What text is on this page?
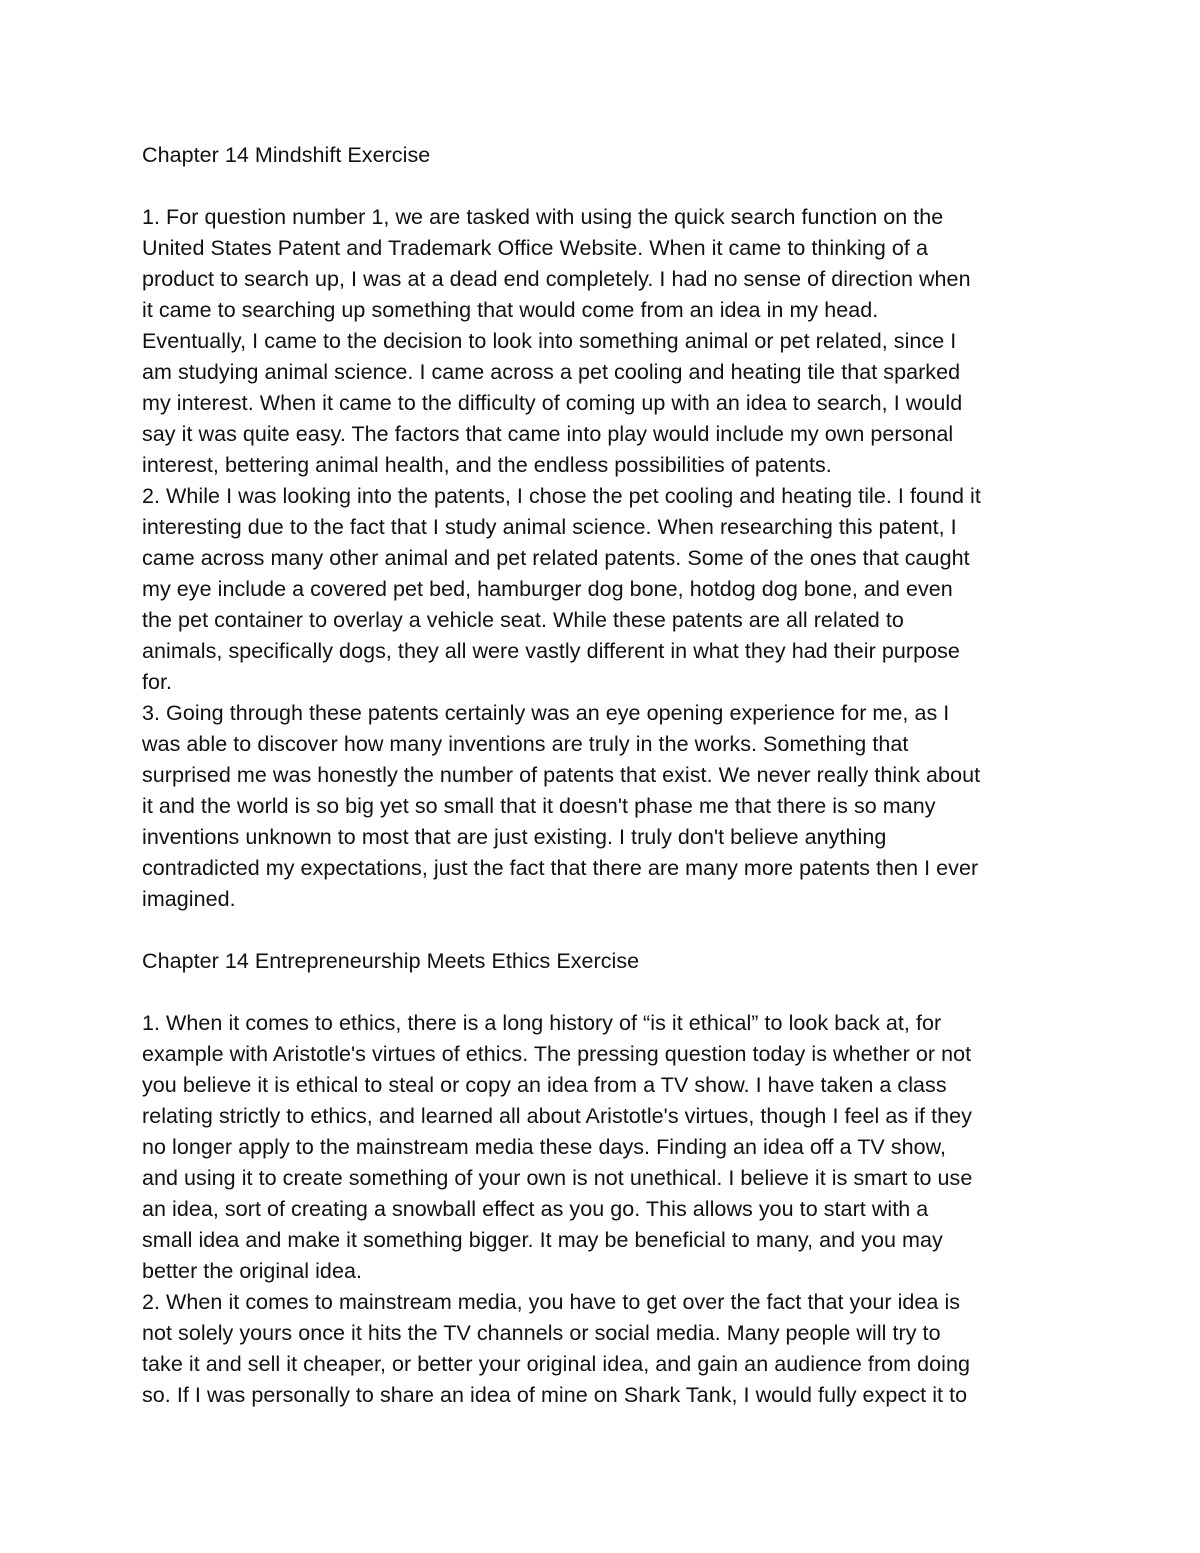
Chapter 14 Mindshift Exercise

1. For question number 1, we are tasked with using the quick search function on the
United States Patent and Trademark Office Website. When it came to thinking of a
product to search up, I was at a dead end completely. I had no sense of direction when
it came to searching up something that would come from an idea in my head.
Eventually, I came to the decision to look into something animal or pet related, since I
am studying animal science. I came across a pet cooling and heating tile that sparked
my interest. When it came to the difficulty of coming up with an idea to search, I would
say it was quite easy. The factors that came into play would include my own personal
interest, bettering animal health, and the endless possibilities of patents.

2. While I was looking into the patents, I chose the pet cooling and heating tile. I found it
interesting due to the fact that I study animal science. When researching this patent, I
came across many other animal and pet related patents. Some of the ones that caught
my eye include a covered pet bed, hamburger dog bone, hotdog dog bone, and even
the pet container to overlay a vehicle seat. While these patents are all related to
animals, specifically dogs, they all were vastly different in what they had their purpose
for.

3. Going through these patents certainly was an eye opening experience for me, as I
was able to discover how many inventions are truly in the works. Something that
surprised me was honestly the number of patents that exist. We never really think about
it and the world is so big yet so small that it doesn't phase me that there is so many
inventions unknown to most that are just existing. I truly don't believe anything
contradicted my expectations, just the fact that there are many more patents then I ever
imagined.

Chapter 14 Entrepreneurship Meets Ethics Exercise

1. When it comes to ethics, there is a long history of “is it ethical” to look back at, for
example with Aristotle's virtues of ethics. The pressing question today is whether or not
you believe it is ethical to steal or copy an idea from a TV show. I have taken a class
relating strictly to ethics, and learned all about Aristotle's virtues, though I feel as if they
no longer apply to the mainstream media these days. Finding an idea off a TV show,
and using it to create something of your own is not unethical. I believe it is smart to use
an idea, sort of creating a snowball effect as you go. This allows you to start with a
small idea and make it something bigger. It may be beneficial to many, and you may
better the original idea.

2. When it comes to mainstream media, you have to get over the fact that your idea is
not solely yours once it hits the TV channels or social media. Many people will try to
take it and sell it cheaper, or better your original idea, and gain an audience from doing
so. If I was personally to share an idea of mine on Shark Tank, I would fully expect it to
